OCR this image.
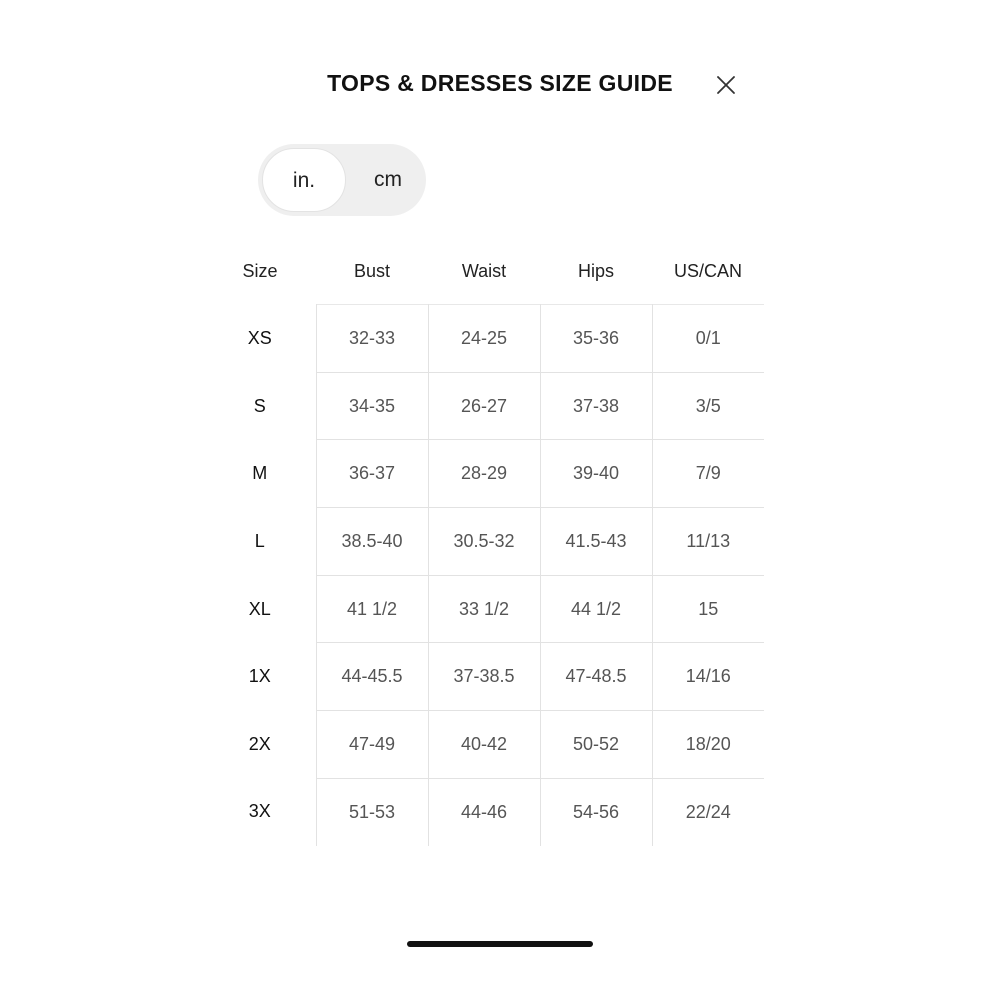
TOPS & DRESSES SIZE GUIDE
in.	cm
Size	Bust	Waist	Hips	US/CAN
XS	32-33	24-25	35-36	0/1
S	34-35	26-27	37-38	3/5
M	36-37	28-29	39-40	7/9
L	38.5-40	30.5-32	41.5-43	11/13
XL	41 1/2	33 1/2	44 1/2	15
1X	44-45.5	37-38.5	47-48.5	14/16
2X	47-49	40-42	50-52	18/20
3X	51-53	44-46	54-56	22/24
